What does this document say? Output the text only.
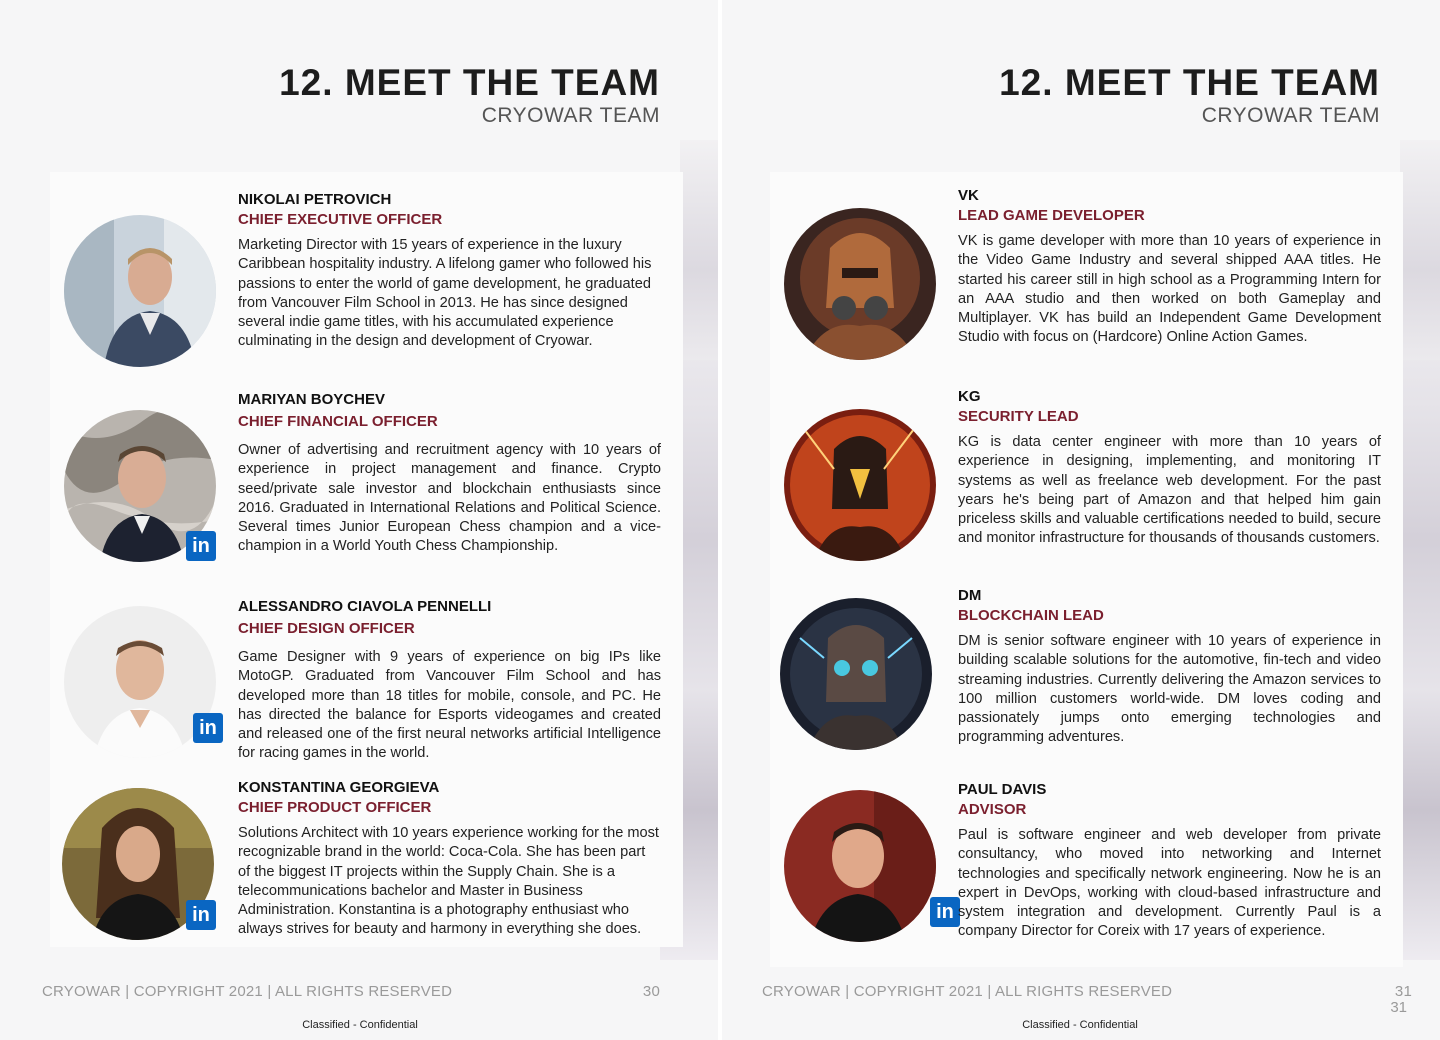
12. MEET THE TEAM
CRYOWAR TEAM
NIKOLAI PETROVICH
CHIEF EXECUTIVE OFFICER
Marketing Director with 15 years of experience in the luxury Caribbean hospitality industry. A lifelong gamer who followed his passions to enter the world of game development, he graduated from Vancouver Film School in 2013. He has since designed several indie game titles, with his accumulated experience culminating in the design and development of Cryowar.
in
MARIYAN BOYCHEV
CHIEF FINANCIAL OFFICER
Owner of advertising and recruitment agency with 10 years of experience in project management and finance. Crypto seed/private sale investor and blockchain enthusiasts since 2016. Graduated in International Relations and Political Science. Several times Junior European Chess champion and a vice-champion in a World Youth Chess Championship.
in
ALESSANDRO CIAVOLA PENNELLI
CHIEF DESIGN OFFICER
Game Designer with 9 years of experience on big IPs like MotoGP. Graduated from Vancouver Film School and has developed more than 18 titles for mobile, console, and PC. He has directed the balance for Esports videogames and created and released one of the first neural networks artificial Intelligence for racing games in the world.
in
KONSTANTINA GEORGIEVA
CHIEF PRODUCT OFFICER
Solutions Architect with 10 years experience working for the most recognizable brand in the world: Coca-Cola. She has been part of the biggest IT projects within the Supply Chain. She is a telecommunications bachelor and Master in Business Administration. Konstantina is a photography enthusiast who always strives for beauty and harmony in everything she does.
CRYOWAR | COPYRIGHT 2021 | ALL RIGHTS RESERVED	30
Classified - Confidential
12. MEET THE TEAM
CRYOWAR TEAM
VK
LEAD GAME DEVELOPER
VK is game developer with more than 10 years of experience in the Video Game Industry and several shipped AAA titles. He started his career still in high school as a Programming Intern for an AAA studio and then worked on both Gameplay and Multiplayer. VK has build an Independent Game Development Studio with focus on (Hardcore) Online Action Games.
KG
SECURITY LEAD
KG is data center engineer with more than 10 years of experience in designing, implementing, and monitoring IT systems as well as freelance web development. For the past years he's being part of Amazon and that helped him gain priceless skills and valuable certifications needed to build, secure and monitor infrastructure for thousands of thousands customers.
DM
BLOCKCHAIN LEAD
DM is senior software engineer with 10 years of experience in building scalable solutions for the automotive, fin-tech and video streaming industries. Currently delivering the Amazon services to 100 million customers world-wide. DM loves coding and passionately jumps onto emerging technologies and programming adventures.
in
PAUL DAVIS
ADVISOR
Paul is software engineer and web developer from private consultancy, who moved into networking and Internet technologies and specifically network engineering. Now he is an expert in DevOps, working with cloud-based infrastructure and system integration and development. Currently Paul is a company Director for Coreix with 17 years of experience.
CRYOWAR | COPYRIGHT 2021 | ALL RIGHTS RESERVED	31
31
Classified - Confidential
